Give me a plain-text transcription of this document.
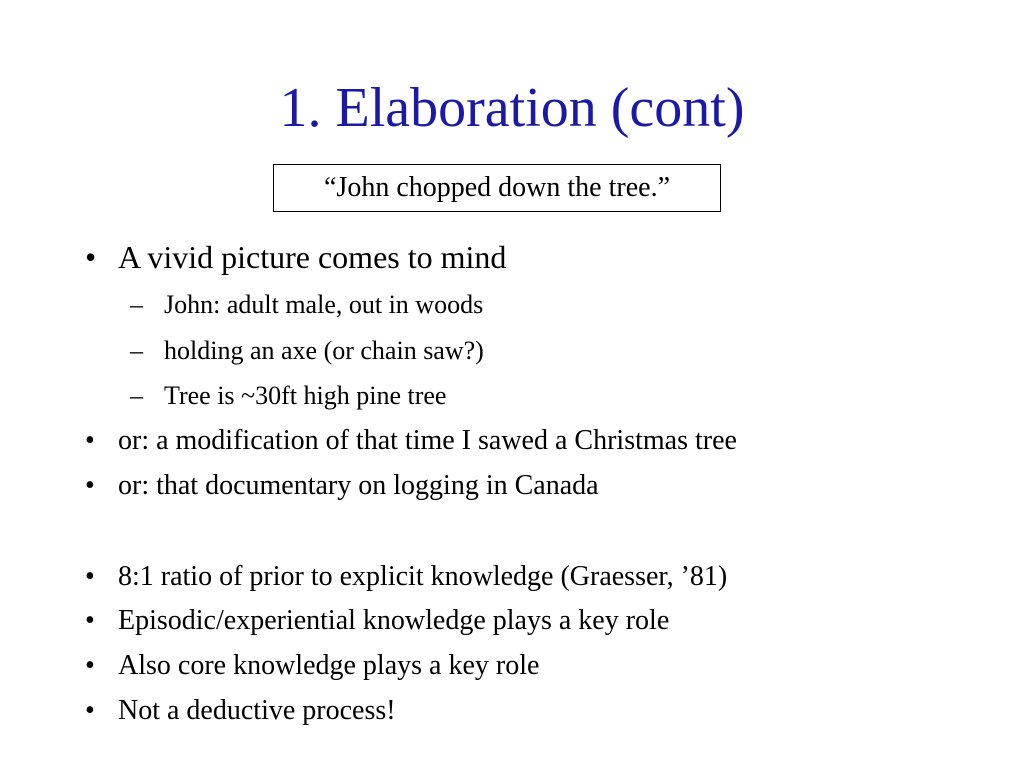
1. Elaboration (cont)
“John chopped down the tree.”
• A vivid picture comes to mind
– John: adult male, out in woods
– holding an axe (or chain saw?)
– Tree is ~30ft high pine tree
• or: a modification of that time I sawed a Christmas tree
• or: that documentary on logging in Canada
• 8:1 ratio of prior to explicit knowledge (Graesser, ’81)
• Episodic/experiential knowledge plays a key role
• Also core knowledge plays a key role
• Not a deductive process!
